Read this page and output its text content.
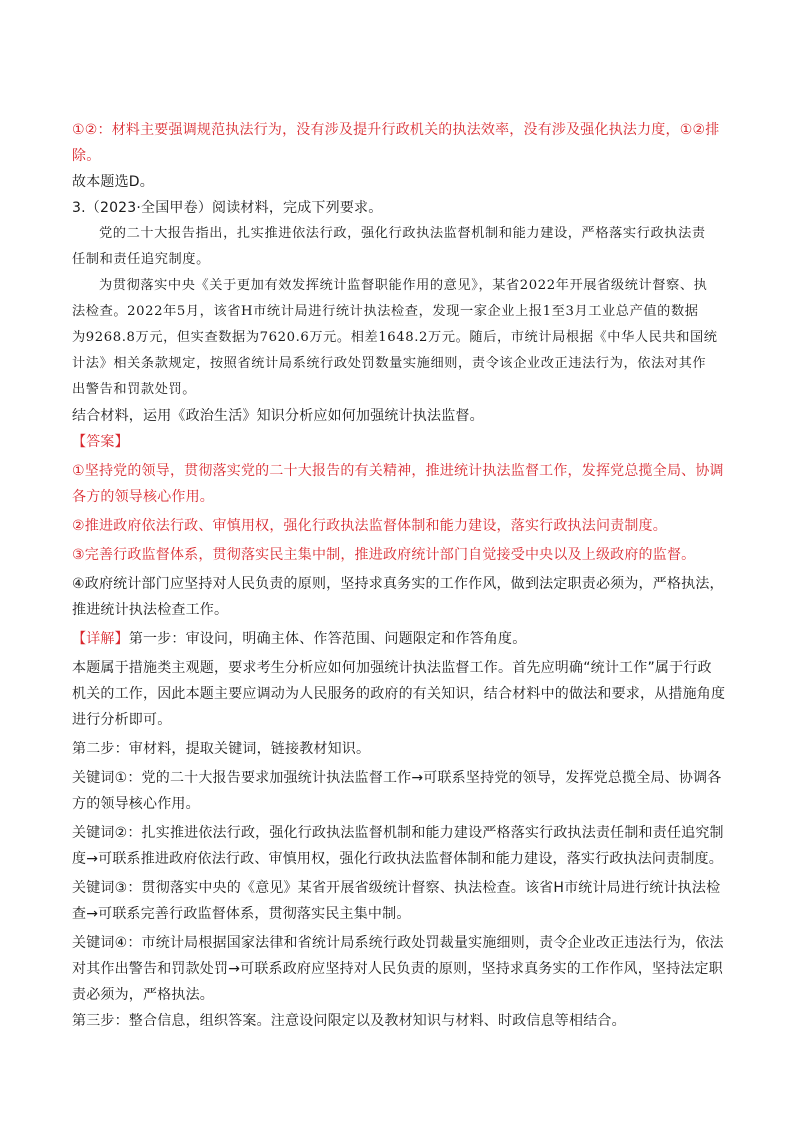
①②：材料主要强调规范执法行为，没有涉及提升行政机关的执法效率，没有涉及强化执法力度，①②排
除。
故本题选D。
3.（2023·全国甲卷）阅读材料，完成下列要求。
党的二十大报告指出，扎实推进依法行政，强化行政执法监督机制和能力建设，严格落实行政执法责
任制和责任追究制度。
为贯彻落实中央《关于更加有效发挥统计监督职能作用的意见》，某省2022年开展省级统计督察、执
法检查。2022年5月，该省H市统计局进行统计执法检查，发现一家企业上报1至3月工业总产值的数据
为9268.8万元，但实查数据为7620.6万元。相差1648.2万元。随后，市统计局根据《中华人民共和国统
计法》相关条款规定，按照省统计局系统行政处罚数量实施细则，责令该企业改正违法行为，依法对其作
出警告和罚款处罚。
结合材料，运用《政治生活》知识分析应如何加强统计执法监督。
【答案】
①坚持党的领导，贯彻落实党的二十大报告的有关精神，推进统计执法监督工作，发挥党总揽全局、协调
各方的领导核心作用。
②推进政府依法行政、审慎用权，强化行政执法监督体制和能力建设，落实行政执法问责制度。
③完善行政监督体系，贯彻落实民主集中制，推进政府统计部门自觉接受中央以及上级政府的监督。
④政府统计部门应坚持对人民负责的原则，坚持求真务实的工作作风，做到法定职责必须为，严格执法，
推进统计执法检查工作。
【详解】第一步：审设问，明确主体、作答范围、问题限定和作答角度。
本题属于措施类主观题，要求考生分析应如何加强统计执法监督工作。首先应明确“统计工作”属于行政
机关的工作，因此本题主要应调动为人民服务的政府的有关知识，结合材料中的做法和要求，从措施角度
进行分析即可。
第二步：审材料，提取关键词，链接教材知识。
关键词①：党的二十大报告要求加强统计执法监督工作→可联系坚持党的领导，发挥党总揽全局、协调各
方的领导核心作用。
关键词②：扎实推进依法行政，强化行政执法监督机制和能力建设严格落实行政执法责任制和责任追究制
度→可联系推进政府依法行政、审慎用权，强化行政执法监督体制和能力建设，落实行政执法问责制度。
关键词③：贯彻落实中央的《意见》某省开展省级统计督察、执法检查。该省H市统计局进行统计执法检
查→可联系完善行政监督体系，贯彻落实民主集中制。
关键词④：市统计局根据国家法律和省统计局系统行政处罚裁量实施细则，责令企业改正违法行为，依法
对其作出警告和罚款处罚→可联系政府应坚持对人民负责的原则，坚持求真务实的工作作风，坚持法定职
责必须为，严格执法。
第三步：整合信息，组织答案。注意设问限定以及教材知识与材料、时政信息等相结合。
